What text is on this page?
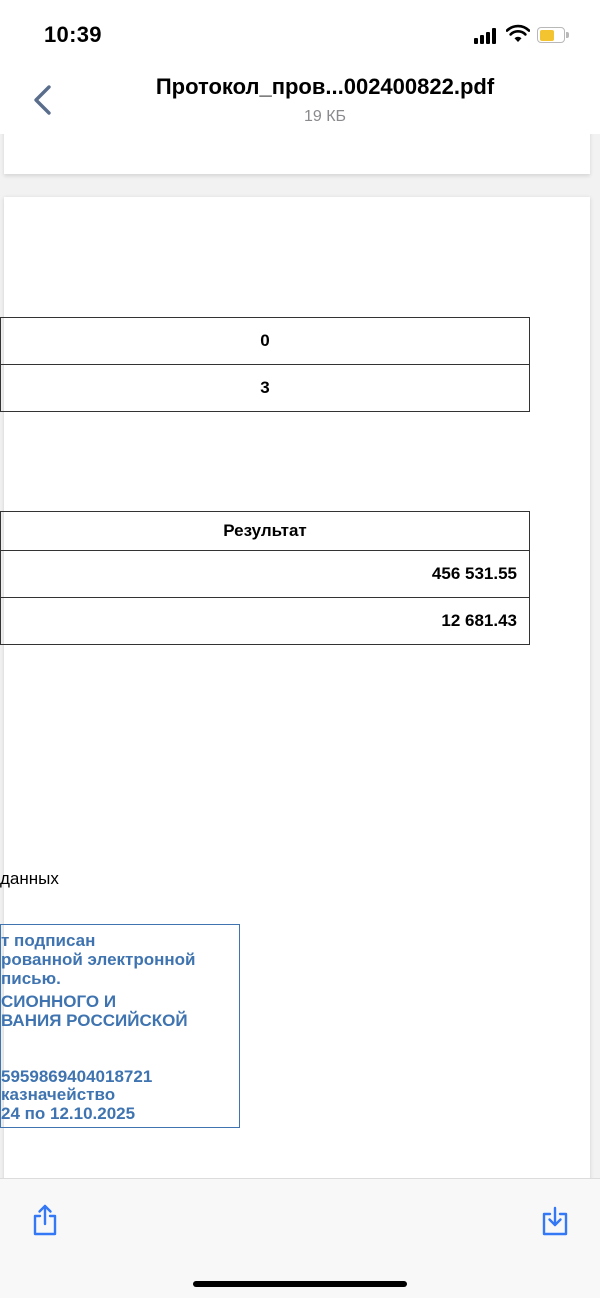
10:39
Протокол_пров...002400822.pdf
19 КБ
0
3
Результат
456 531.55
12 681.43
данных
т подписан
рованной электронной
писью.
СИОННОГО И
ВАНИЯ РОССИЙСКОЙ
5959869404018721
казначейство
24 по 12.10.2025
